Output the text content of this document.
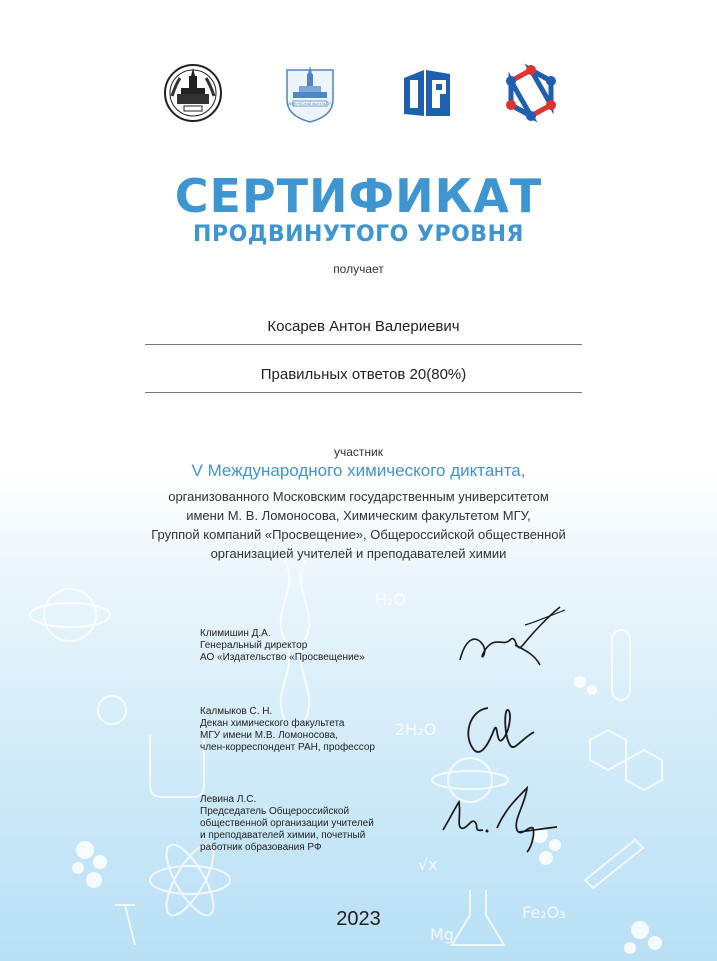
H₂O
2H₂O
Fe₂O₃
Mg
√x
ХИМИЧЕСКИЙ ФАКУЛЬТЕТ
СЕРТИФИКАТ
ПРОДВИНУТОГО УРОВНЯ
получает
Косарев Антон Валериевич
Правильных ответов 20(80%)
участник
V Международного химического диктанта,
организованного Московским государственным университетом
имени М. В. Ломоносова, Химическим факультетом МГУ,
Группой компаний «Просвещение», Общероссийской общественной
организацией учителей и преподавателей химии
Климишин Д.А.
Генеральный директор
АО «Издательство «Просвещение»
Калмыков С. Н.
Декан химического факультета
МГУ имени М.В. Ломоносова,
член-корреспондент РАН, профессор
Левина Л.С.
Председатель Общероссийской
общественной организации учителей
и преподавателей химии, почетный
работник образования РФ
2023
